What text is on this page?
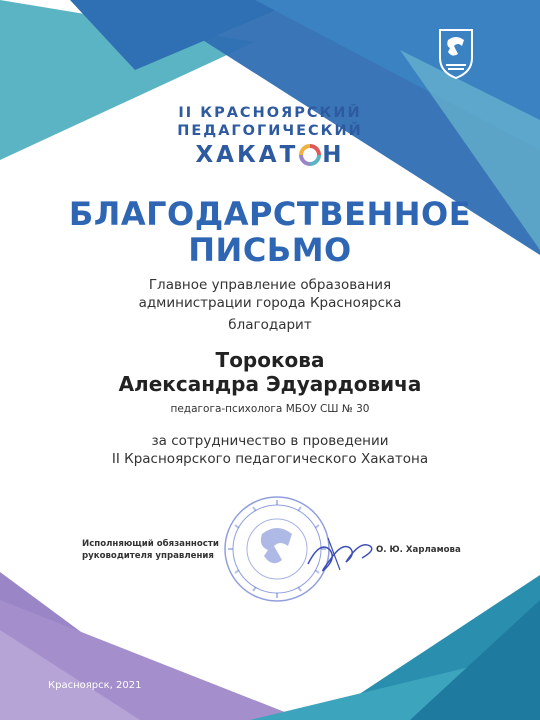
II КРАСНОЯРСКИЙ
ПЕДАГОГИЧЕСКИЙ
ХАКАТ Н
БЛАГОДАРСТВЕННОЕ
ПИСЬМО
Главное управление образования
администрации города Красноярска
благодарит
Торокова
Александра Эдуардовича
педагога-психолога МБОУ СШ № 30
за сотрудничество в проведении
II Красноярского педагогического Хакатона
Исполняющий обязанности
руководителя управления
О. Ю. Харламова
Красноярск, 2021
